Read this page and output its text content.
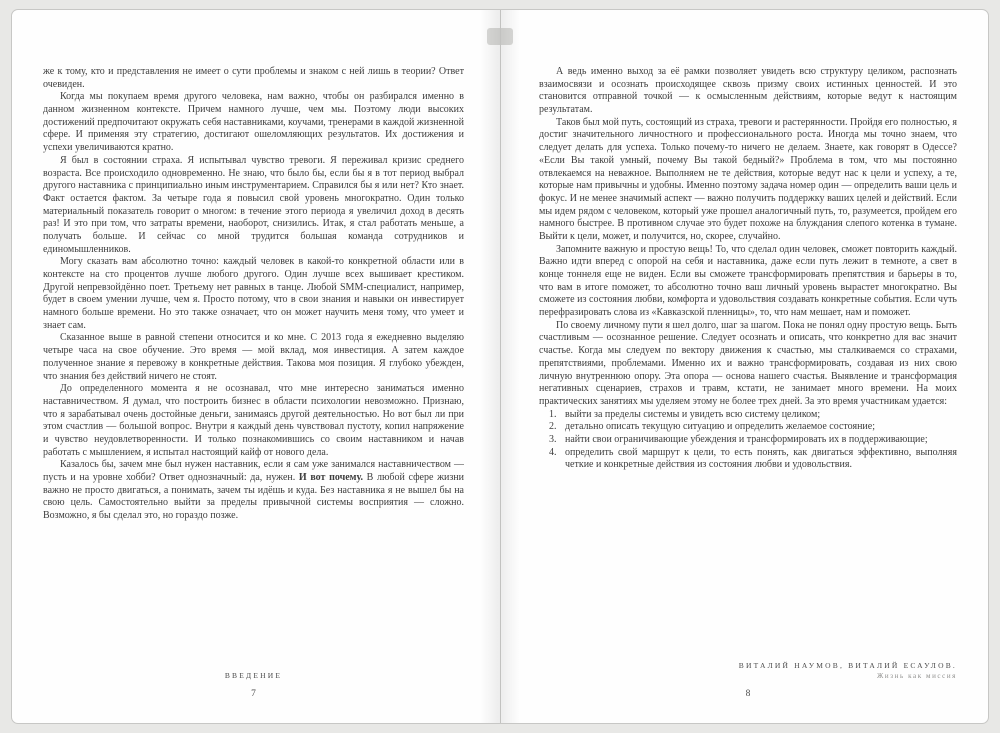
же к тому, кто и представления не имеет о сути проблемы и знаком с ней лишь в теории? Ответ очевиден.

Когда мы покупаем время другого человека, нам важно, чтобы он разбирался именно в данном жизненном контексте. Причем намного лучше, чем мы. Поэтому люди высоких достижений предпочитают окружать себя наставниками, коучами, тренерами в каждой жизненной сфере. И применяя эту стратегию, достигают ошеломляющих результатов. Их достижения и успехи увеличиваются кратно.

Я был в состоянии страха. Я испытывал чувство тревоги. Я переживал кризис среднего возраста. Все происходило одновременно. Не знаю, что было бы, если бы я в тот период выбрал другого наставника с принципиально иным инструментарием. Справился бы я или нет? Кто знает. Факт остается фактом. За четыре года я повысил свой уровень многократно. Один только материальный показатель говорит о многом: в течение этого периода я увеличил доход в десять раз! И это при том, что затраты времени, наоборот, снизились. Итак, я стал работать меньше, а получать больше. И сейчас со мной трудится большая команда сотрудников и единомышленников.

Могу сказать вам абсолютно точно: каждый человек в какой-то конкретной области или в контексте на сто процентов лучше любого другого. Один лучше всех вышивает крестиком. Другой непревзойдённо поет. Третьему нет равных в танце. Любой SMM-специалист, например, будет в своем умении лучше, чем я. Просто потому, что в свои знания и навыки он инвестирует намного больше времени. Но это также означает, что он может научить меня тому, что умеет и знает сам.

Сказанное выше в равной степени относится и ко мне. С 2013 года я ежедневно выделяю четыре часа на свое обучение. Это время — мой вклад, моя инвестиция. А затем каждое полученное знание я перевожу в конкретные действия. Такова моя позиция. Я глубоко убежден, что знания без действий ничего не стоят.

До определенного момента я не осознавал, что мне интересно заниматься именно наставничеством. Я думал, что построить бизнес в области психологии невозможно. Признаю, что я зарабатывал очень достойные деньги, занимаясь другой деятельностью. Но вот был ли при этом счастлив — большой вопрос. Внутри я каждый день чувствовал пустоту, копил напряжение и чувство неудовлетворенности. И только познакомившись со своим наставником и начав работать с мышлением, я испытал настоящий кайф от нового дела.

Казалось бы, зачем мне был нужен наставник, если я сам уже занимался наставничеством — пусть и на уровне хобби? Ответ однозначный: да, нужен. И вот почему. В любой сфере жизни важно не просто двигаться, а понимать, зачем ты идёшь и куда. Без наставника я не вышел бы на свою цель. Самостоятельно выйти за пределы привычной системы восприятия — сложно. Возможно, я бы сделал это, но гораздо позже.

ВВЕДЕНИЕ
7

А ведь именно выход за её рамки позволяет увидеть всю структуру целиком, распознать взаимосвязи и осознать происходящее сквозь призму своих истинных ценностей. И это становится отправной точкой — к осмысленным действиям, которые ведут к настоящим результатам.

Таков был мой путь, состоящий из страха, тревоги и растерянности. Пройдя его полностью, я достиг значительного личностного и профессионального роста. Иногда мы точно знаем, что следует делать для успеха. Только почему-то ничего не делаем. Знаете, как говорят в Одессе? «Если Вы такой умный, почему Вы такой бедный?» Проблема в том, что мы постоянно отвлекаемся на неважное. Выполняем не те действия, которые ведут нас к цели и успеху, а те, которые нам привычны и удобны. Именно поэтому задача номер один — определить ваши цель и фокус. И не менее значимый аспект — важно получить поддержку ваших целей и действий. Если мы идем рядом с человеком, который уже прошел аналогичный путь, то, разумеется, пройдем его намного быстрее. В противном случае это будет похоже на блуждания слепого котенка в тумане. Выйти к цели, может, и получится, но, скорее, случайно.

Запомните важную и простую вещь! То, что сделал один человек, сможет повторить каждый. Важно идти вперед с опорой на себя и наставника, даже если путь лежит в темноте, а свет в конце тоннеля еще не виден. Если вы сможете трансформировать препятствия и барьеры в то, что вам в итоге поможет, то абсолютно точно ваш личный уровень вырастет многократно. Вы сможете из состояния любви, комфорта и удовольствия создавать конкретные события. Если чуть перефразировать слова из «Кавказской пленницы», то, что нам мешает, нам и поможет.

По своему личному пути я шел долго, шаг за шагом. Пока не понял одну простую вещь. Быть счастливым — осознанное решение. Следует осознать и описать, что конкретно для вас значит счастье. Когда мы следуем по вектору движения к счастью, мы сталкиваемся со страхами, препятствиями, проблемами. Именно их и важно трансформировать, создавая из них свою личную внутреннюю опору. Эта опора — основа нашего счастья. Выявление и трансформация негативных сценариев, страхов и травм, кстати, не занимает много времени. На моих практических занятиях мы уделяем этому не более трех дней. За это время участникам удается:

1. выйти за пределы системы и увидеть всю систему целиком;
2. детально описать текущую ситуацию и определить желаемое состояние;
3. найти свои ограничивающие убеждения и трансформировать их в поддерживающие;
4. определить свой маршрут к цели, то есть понять, как двигаться эффективно, выполняя четкие и конкретные действия из состояния любви и удовольствия.
ВИТАЛИЙ НАУМОВ, ВИТАЛИЙ ЕСАУЛОВ.
Жизнь как миссия
8
